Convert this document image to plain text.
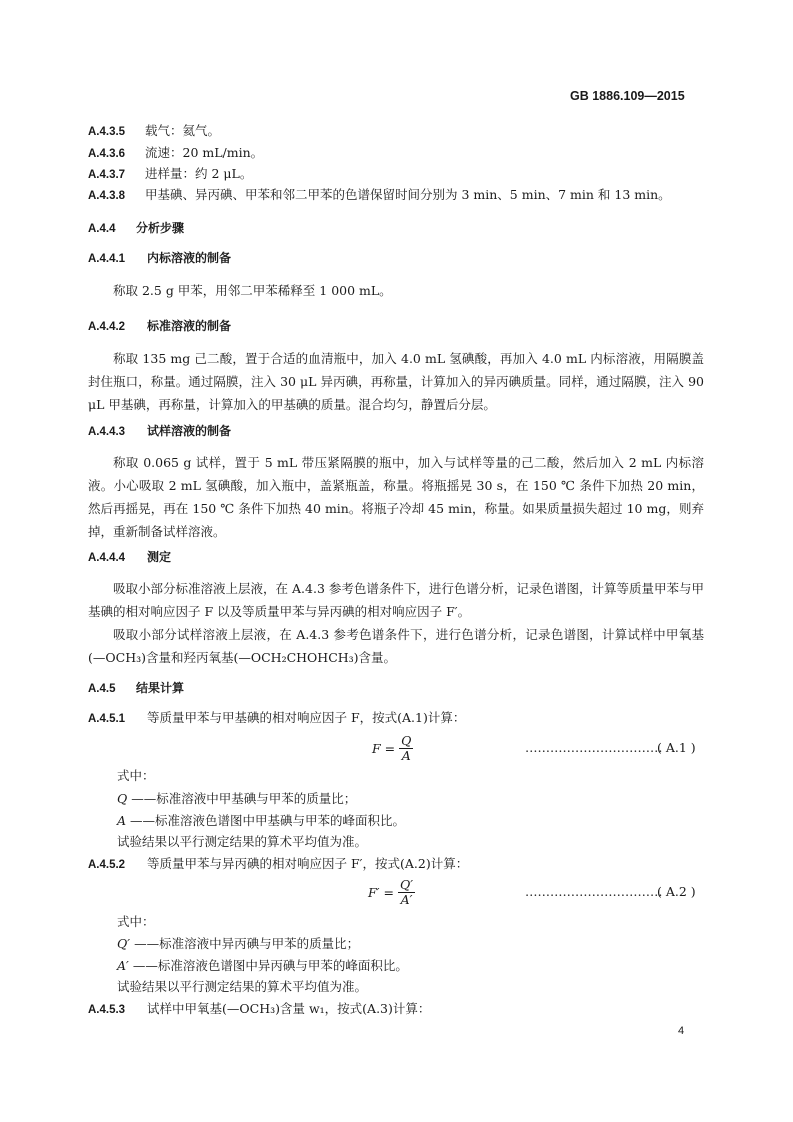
GB 1886.109—2015
A.4.3.5 载气：氦气。
A.4.3.6 流速：20 mL/min。
A.4.3.7 进样量：约 2 μL。
A.4.3.8 甲基碘、异丙碘、甲苯和邻二甲苯的色谱保留时间分别为 3 min、5 min、7 min 和 13 min。
A.4.4 分析步骤
A.4.4.1 内标溶液的制备
称取 2.5 g 甲苯，用邻二甲苯稀释至 1 000 mL。
A.4.4.2 标准溶液的制备
称取 135 mg 己二酸，置于合适的血清瓶中，加入 4.0 mL 氢碘酸，再加入 4.0 mL 内标溶液，用隔膜盖封住瓶口，称量。通过隔膜，注入 30 μL 异丙碘，再称量，计算加入的异丙碘质量。同样，通过隔膜，注入 90 μL 甲基碘，再称量，计算加入的甲基碘的质量。混合均匀，静置后分层。
A.4.4.3 试样溶液的制备
称取 0.065 g 试样，置于 5 mL 带压紧隔膜的瓶中，加入与试样等量的己二酸，然后加入 2 mL 内标溶液。小心吸取 2 mL 氢碘酸，加入瓶中，盖紧瓶盖，称量。将瓶摇晃 30 s，在 150 ℃ 条件下加热 20 min，然后再摇晃，再在 150 ℃ 条件下加热 40 min。将瓶子冷却 45 min，称量。如果质量损失超过 10 mg，则弃掉，重新制备试样溶液。
A.4.4.4 测定
吸取小部分标准溶液上层液，在 A.4.3 参考色谱条件下，进行色谱分析，记录色谱图，计算等质量甲苯与甲基碘的相对响应因子 F 以及等质量甲苯与异丙碘的相对响应因子 F′。
吸取小部分试样溶液上层液，在 A.4.3 参考色谱条件下，进行色谱分析，记录色谱图，计算试样中甲氧基(—OCH₃)含量和羟丙氧基(—OCH₂CHOHCH₃)含量。
A.4.5 结果计算
A.4.5.1 等质量甲苯与甲基碘的相对响应因子 F，按式(A.1)计算：
$F = \frac{Q}{A}$	……………………………
( A.1 )
式中：
Q ——标准溶液中甲基碘与甲苯的质量比；
A ——标准溶液色谱图中甲基碘与甲苯的峰面积比。
试验结果以平行测定结果的算术平均值为准。
A.4.5.2 等质量甲苯与异丙碘的相对响应因子 F′，按式(A.2)计算：
$F' = \frac{Q'}{A'}$	……………………………
( A.2 )
式中：
Q′ ——标准溶液中异丙碘与甲苯的质量比；
A′ ——标准溶液色谱图中异丙碘与甲苯的峰面积比。
试验结果以平行测定结果的算术平均值为准。
A.4.5.3 试样中甲氧基(—OCH₃)含量 w₁，按式(A.3)计算：
4
